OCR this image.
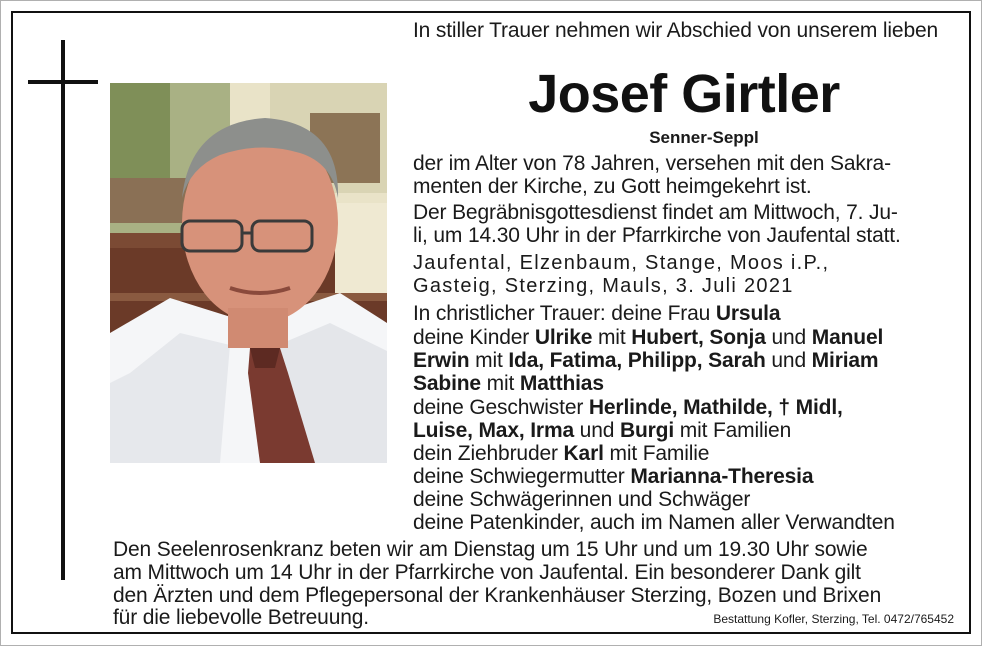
In stiller Trauer nehmen wir Abschied von unserem lieben
Josef Girtler
Senner-Seppl
der im Alter von 78 Jahren, versehen mit den Sakra-
menten der Kirche, zu Gott heimgekehrt ist.
Der Begräbnisgottesdienst findet am Mittwoch, 7. Ju-
li, um 14.30 Uhr in der Pfarrkirche von Jaufental statt.
Jaufental, Elzenbaum, Stange, Moos i.P.,
Gasteig, Sterzing, Mauls, 3. Juli 2021
In christlicher Trauer: deine Frau Ursula
deine Kinder Ulrike mit Hubert, Sonja und Manuel
Erwin mit Ida, Fatima, Philipp, Sarah und Miriam
Sabine mit Matthias
deine Geschwister Herlinde, Mathilde, † Midl,
Luise, Max, Irma und Burgi mit Familien
dein Ziehbruder Karl mit Familie
deine Schwiegermutter Marianna-Theresia
deine Schwägerinnen und Schwäger
deine Patenkinder, auch im Namen aller Verwandten
Den Seelenrosenkranz beten wir am Dienstag um 15 Uhr und um 19.30 Uhr sowie
am Mittwoch um 14 Uhr in der Pfarrkirche von Jaufental. Ein besonderer Dank gilt
den Ärzten und dem Pflegepersonal der Krankenhäuser Sterzing, Bozen und Brixen
für die liebevolle Betreuung.	Bestattung Kofler, Sterzing, Tel. 0472/765452
